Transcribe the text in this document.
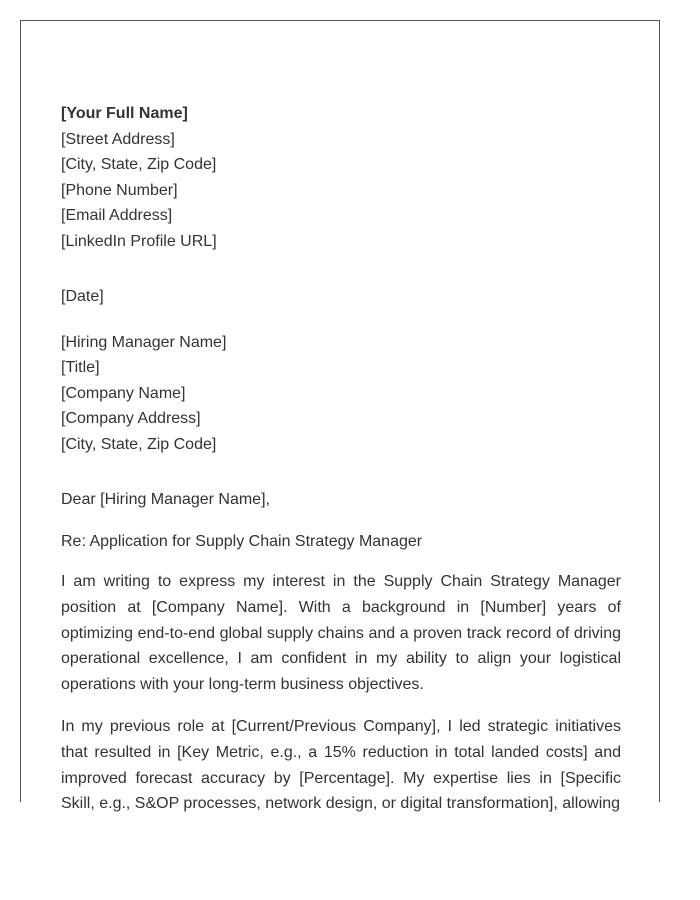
[Your Full Name]
[Street Address]
[City, State, Zip Code]
[Phone Number]
[Email Address]
[LinkedIn Profile URL]
[Date]
[Hiring Manager Name]
[Title]
[Company Name]
[Company Address]
[City, State, Zip Code]
Dear [Hiring Manager Name],
Re: Application for Supply Chain Strategy Manager

I am writing to express my interest in the Supply Chain Strategy Manager position at [Company Name]. With a background in [Number] years of optimizing end-to-end global supply chains and a proven track record of driving operational excellence, I am confident in my ability to align your logistical operations with your long-term business objectives.

In my previous role at [Current/Previous Company], I led strategic initiatives that resulted in [Key Metric, e.g., a 15% reduction in total landed costs] and improved forecast accuracy by [Percentage]. My expertise lies in [Specific Skill, e.g., S&OP processes, network design, or digital transformation], allowing
